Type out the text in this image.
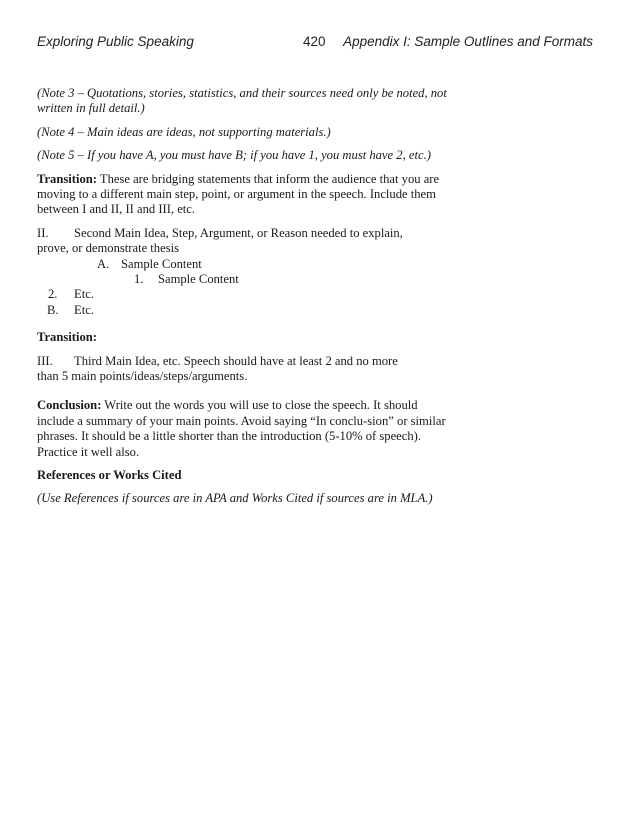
Exploring Public Speaking	420 Appendix I: Sample Outlines and Formats

(Note 3 – Quotations, stories, statistics, and their sources need only be noted, not written in full detail.)

(Note 4 – Main ideas are ideas, not supporting materials.)

(Note 5 – If you have A, you must have B; if you have 1, you must have 2, etc.)

Transition: These are bridging statements that inform the audience that you are moving to a different main step, point, or argument in the speech. Include them between I and II, II and III, etc.

II. Second Main Idea, Step, Argument, or Reason needed to explain,
prove, or demonstrate thesis
A. Sample Content
1. Sample Content
2. Etc.
B. Etc.

Transition:

III. Third Main Idea, etc. Speech should have at least 2 and no more
than 5 main points/ideas/steps/arguments.

Conclusion: Write out the words you will use to close the speech. It should include a summary of your main points. Avoid saying “In conclu-sion” or similar phrases. It should be a little shorter than the introduction (5-10% of speech). Practice it well also.

References or Works Cited

(Use References if sources are in APA and Works Cited if sources are in MLA.)
